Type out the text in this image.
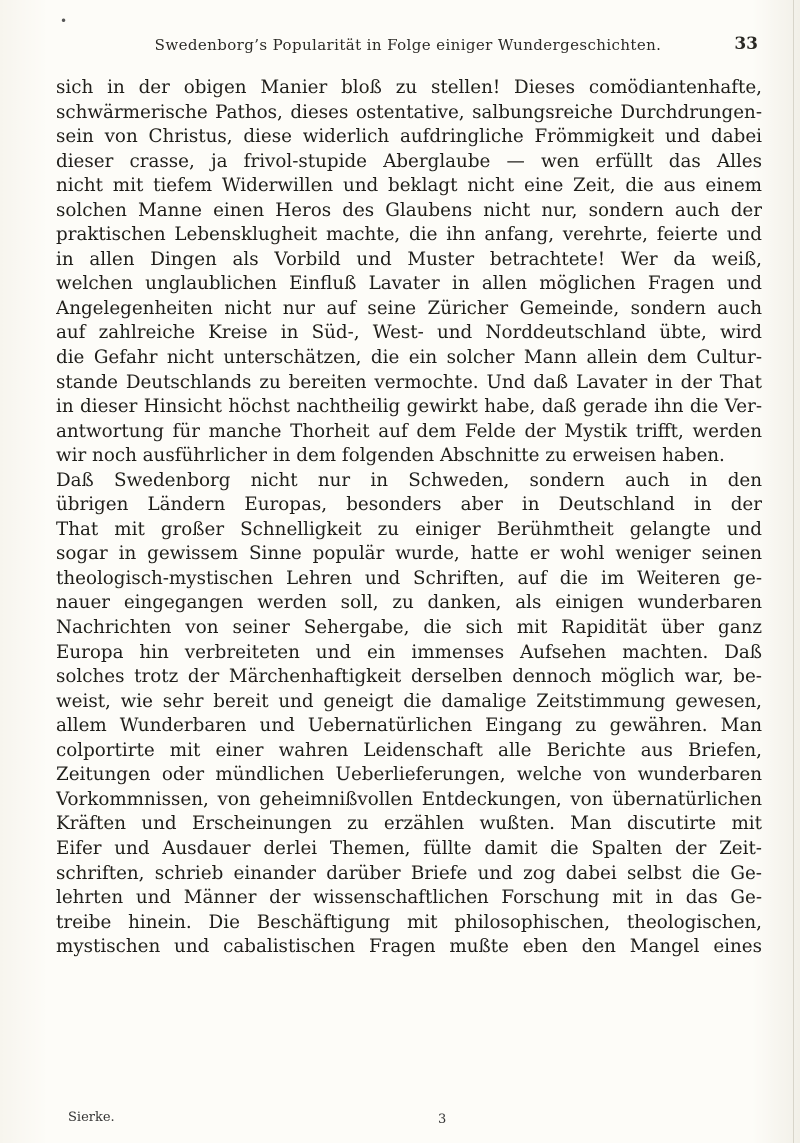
•
Swedenborg’s Popularität in Folge einiger Wundergeschichten.	33
sich in der obigen Manier bloß zu stellen! Dieses comödiantenhafte,
schwärmerische Pathos, dieses ostentative, salbungsreiche Durchdrungen-
sein von Christus, diese widerlich aufdringliche Frömmigkeit und dabei
dieser crasse, ja frivol-stupide Aberglaube — wen erfüllt das Alles
nicht mit tiefem Widerwillen und beklagt nicht eine Zeit, die aus einem
solchen Manne einen Heros des Glaubens nicht nur, sondern auch der
praktischen Lebensklugheit machte, die ihn anfang, verehrte, feierte und
in allen Dingen als Vorbild und Muster betrachtete! Wer da weiß,
welchen unglaublichen Einfluß Lavater in allen möglichen Fragen und
Angelegenheiten nicht nur auf seine Züricher Gemeinde, sondern auch
auf zahlreiche Kreise in Süd-, West- und Norddeutschland übte, wird
die Gefahr nicht unterschätzen, die ein solcher Mann allein dem Cultur-
stande Deutschlands zu bereiten vermochte. Und daß Lavater in der That
in dieser Hinsicht höchst nachtheilig gewirkt habe, daß gerade ihn die Ver-
antwortung für manche Thorheit auf dem Felde der Mystik trifft, werden
wir noch ausführlicher in dem folgenden Abschnitte zu erweisen haben.
Daß Swedenborg nicht nur in Schweden, sondern auch in den
übrigen Ländern Europas, besonders aber in Deutschland in der
That mit großer Schnelligkeit zu einiger Berühmtheit gelangte und
sogar in gewissem Sinne populär wurde, hatte er wohl weniger seinen
theologisch-mystischen Lehren und Schriften, auf die im Weiteren ge-
nauer eingegangen werden soll, zu danken, als einigen wunderbaren
Nachrichten von seiner Sehergabe, die sich mit Rapidität über ganz
Europa hin verbreiteten und ein immenses Aufsehen machten. Daß
solches trotz der Märchenhaftigkeit derselben dennoch möglich war, be-
weist, wie sehr bereit und geneigt die damalige Zeitstimmung gewesen,
allem Wunderbaren und Uebernatürlichen Eingang zu gewähren. Man
colportirte mit einer wahren Leidenschaft alle Berichte aus Briefen,
Zeitungen oder mündlichen Ueberlieferungen, welche von wunderbaren
Vorkommnissen, von geheimnißvollen Entdeckungen, von übernatürlichen
Kräften und Erscheinungen zu erzählen wußten. Man discutirte mit
Eifer und Ausdauer derlei Themen, füllte damit die Spalten der Zeit-
schriften, schrieb einander darüber Briefe und zog dabei selbst die Ge-
lehrten und Männer der wissenschaftlichen Forschung mit in das Ge-
treibe hinein. Die Beschäftigung mit philosophischen, theologischen,
mystischen und cabalistischen Fragen mußte eben den Mangel eines
Sierke.	3
